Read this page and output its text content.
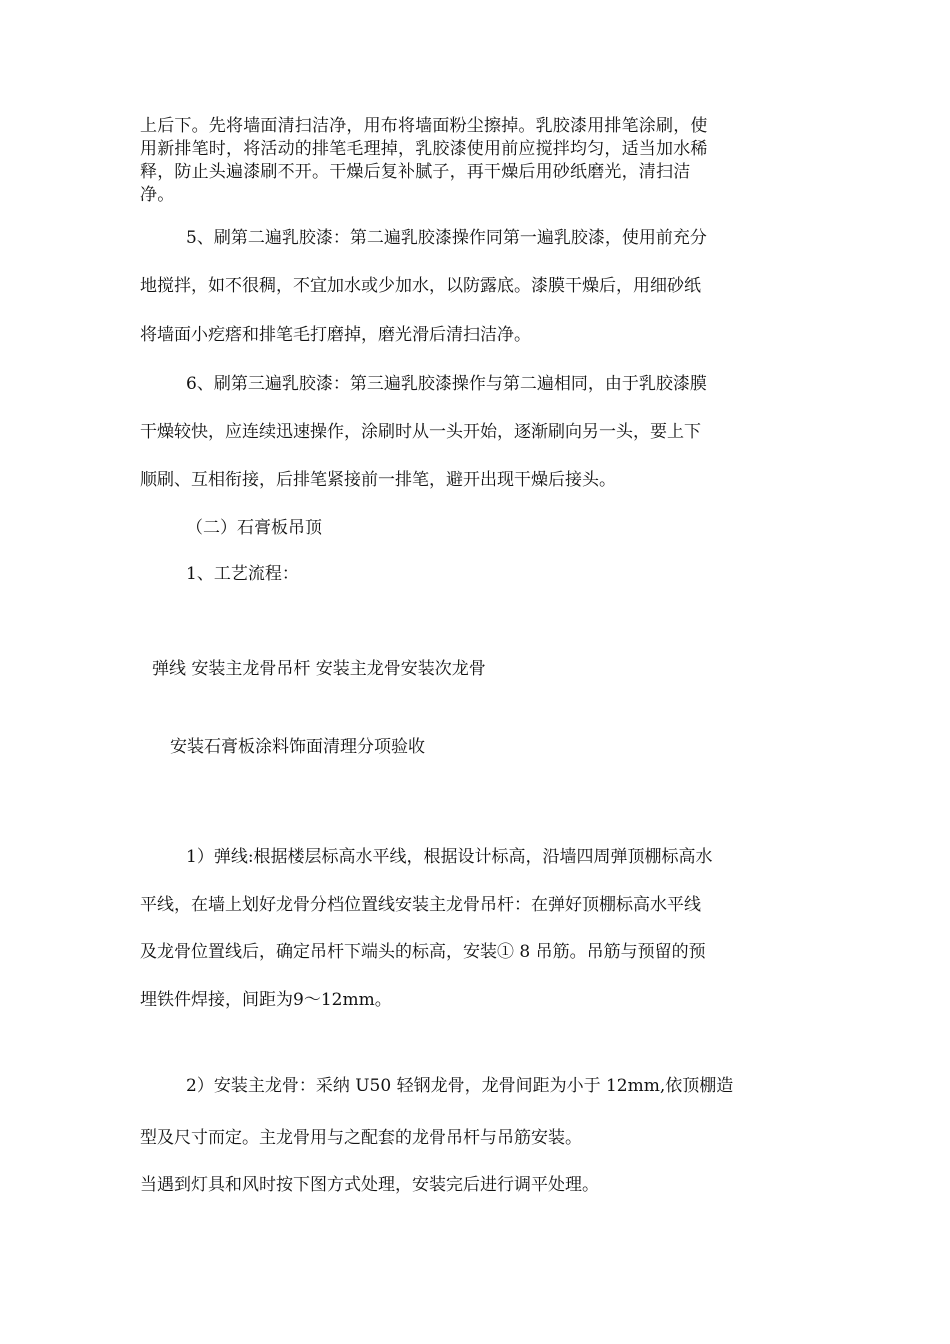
上后下。先将墙面清扫洁净，用布将墙面粉尘擦掉。乳胶漆用排笔涂刷，使
用新排笔时，将活动的排笔毛理掉，乳胶漆使用前应搅拌均匀，适当加水稀
释，防止头遍漆刷不开。干燥后复补腻子，再干燥后用砂纸磨光，清扫洁
净。
5、刷第二遍乳胶漆：第二遍乳胶漆操作同第一遍乳胶漆，使用前充分
地搅拌，如不很稠，不宜加水或少加水，以防露底。漆膜干燥后，用细砂纸
将墙面小疙瘩和排笔毛打磨掉，磨光滑后清扫洁净。
6、刷第三遍乳胶漆：第三遍乳胶漆操作与第二遍相同，由于乳胶漆膜
干燥较快，应连续迅速操作，涂刷时从一头开始，逐渐刷向另一头，要上下
顺刷、互相衔接，后排笔紧接前一排笔，避开出现干燥后接头。
（二）石膏板吊顶
1、工艺流程：
弹线 安装主龙骨吊杆 安装主龙骨安装次龙骨
安装石膏板涂料饰面清理分项验收
1）弹线:根据楼层标高水平线，根据设计标高，沿墙四周弹顶棚标高水
平线，在墙上划好龙骨分档位置线安装主龙骨吊杆：在弹好顶棚标高水平线
及龙骨位置线后，确定吊杆下端头的标高，安装① 8 吊筋。吊筋与预留的预
埋铁件焊接，间距为9〜12mm。
2）安装主龙骨：采纳 U50 轻钢龙骨，龙骨间距为小于 12mm,依顶棚造
型及尺寸而定。主龙骨用与之配套的龙骨吊杆与吊筋安装。
当遇到灯具和风时按下图方式处理，安装完后进行调平处理。
